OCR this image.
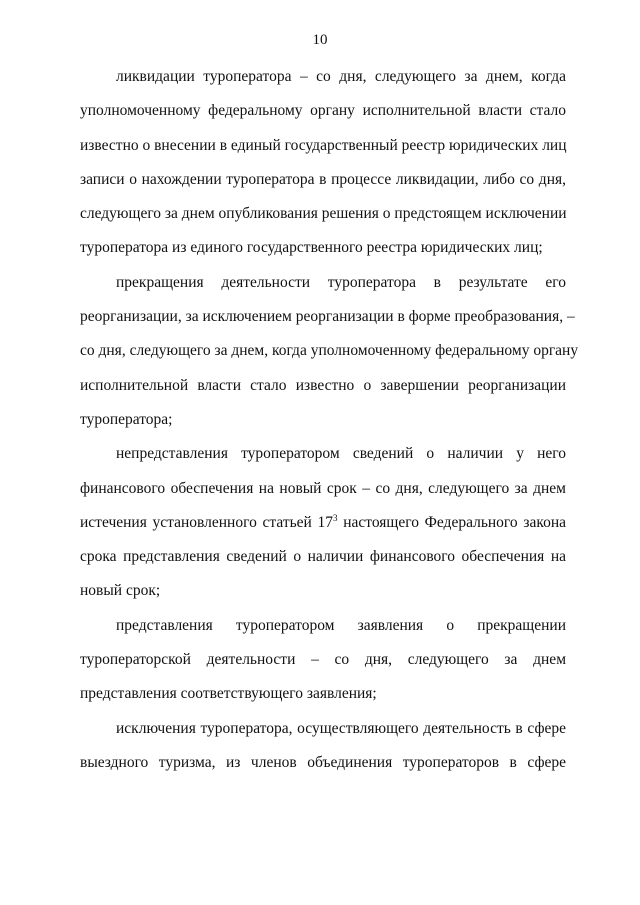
10

ликвидации туроператора – со дня, следующего за днем, когда
уполномоченному федеральному органу исполнительной власти стало
известно о внесении в единый государственный реестр юридических лиц
записи о нахождении туроператора в процессе ликвидации, либо со дня,
следующего за днем опубликования решения о предстоящем исключении
туроператора из единого государственного реестра юридических лиц;

прекращения деятельности туроператора в результате его
реорганизации, за исключением реорганизации в форме преобразования, –
со дня, следующего за днем, когда уполномоченному федеральному органу
исполнительной власти стало известно о завершении реорганизации
туроператора;

непредставления туроператором сведений о наличии у него
финансового обеспечения на новый срок – со дня, следующего за днем
истечения установленного статьей $17^3$ настоящего Федерального закона
срока представления сведений о наличии финансового обеспечения на
новый срок;

представления туроператором заявления о прекращении
туроператорской деятельности – со дня, следующего за днем
представления соответствующего заявления;

исключения туроператора, осуществляющего деятельность в сфере
выездного туризма, из членов объединения туроператоров в сфере
